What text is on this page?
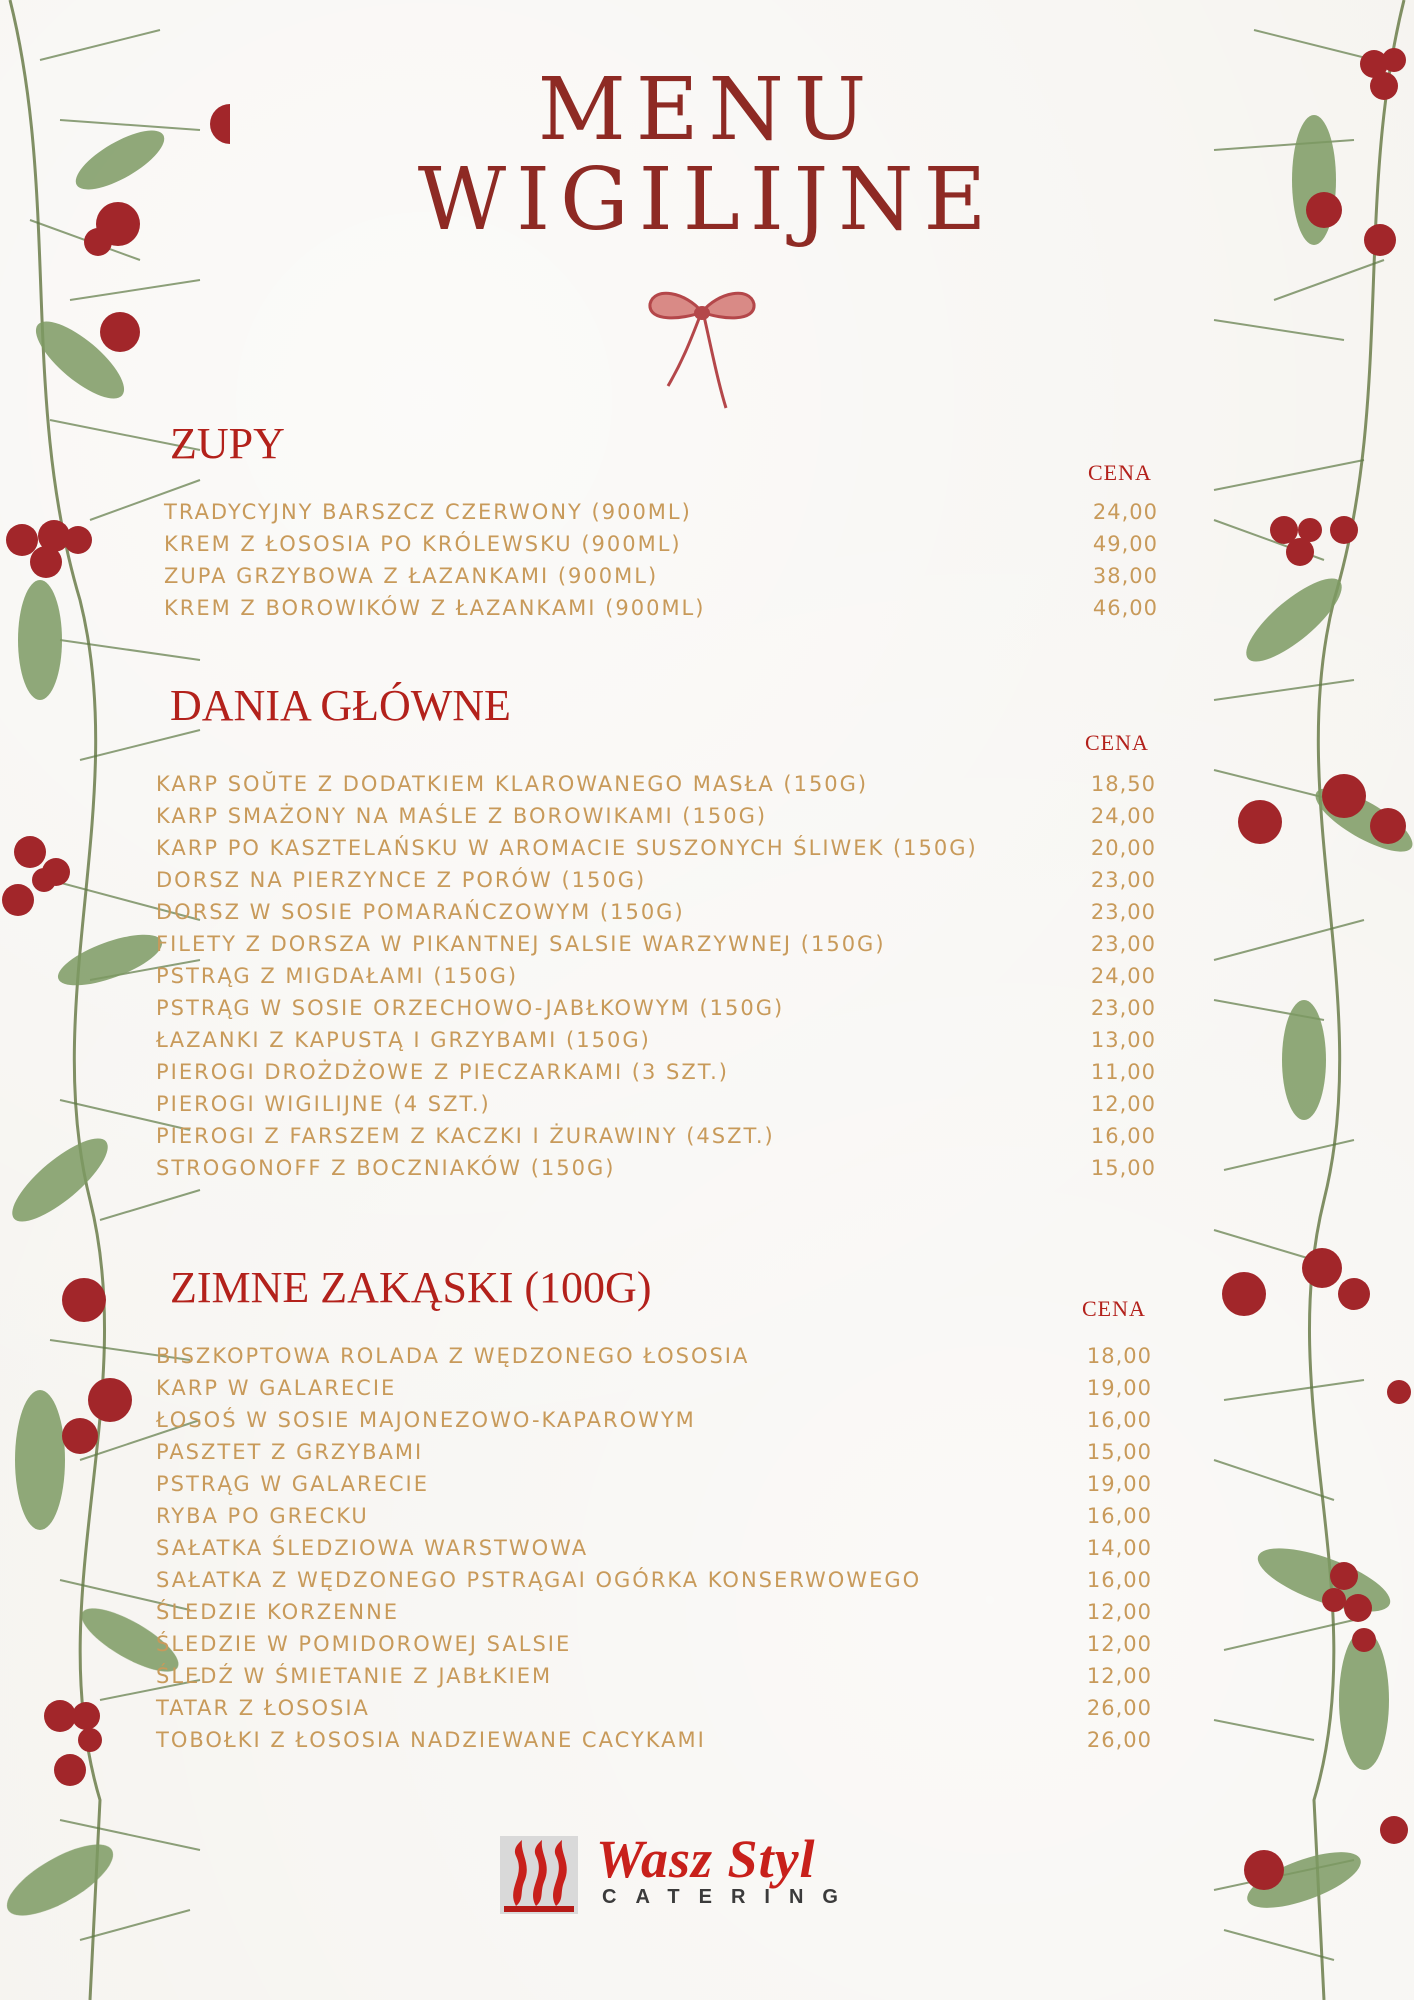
MENU
WIGILIJNE
ZUPY
CENA
TRADYCYJNY BARSZCZ CZERWONY (900ML)	24,00
KREM Z ŁOSOSIA PO KRÓLEWSKU (900ML)	49,00
ZUPA GRZYBOWA Z ŁAZANKAMI (900ML)	38,00
KREM Z BOROWIKÓW Z ŁAZANKAMI (900ML)	46,00
DANIA GŁÓWNE
CENA
KARP SOŬTE Z DODATKIEM KLAROWANEGO MASŁA (150G)	18,50
KARP SMAŻONY NA MAŚLE Z BOROWIKAMI (150G)	24,00
KARP PO KASZTELAŃSKU W AROMACIE SUSZONYCH ŚLIWEK (150G)	20,00
DORSZ NA PIERZYNCE Z PORÓW (150G)	23,00
DORSZ W SOSIE POMARAŃCZOWYM (150G)	23,00
FILETY Z DORSZA W PIKANTNEJ SALSIE WARZYWNEJ (150G)	23,00
PSTRĄG Z MIGDAŁAMI (150G)	24,00
PSTRĄG W SOSIE ORZECHOWO-JABŁKOWYM (150G)	23,00
ŁAZANKI Z KAPUSTĄ I GRZYBAMI (150G)	13,00
PIEROGI DROŻDŻOWE Z PIECZARKAMI (3 SZT.)	11,00
PIEROGI WIGILIJNE (4 SZT.)	12,00
PIEROGI Z FARSZEM Z KACZKI I ŻURAWINY (4SZT.)	16,00
STROGONOFF Z BOCZNIAKÓW (150G)	15,00
ZIMNE ZAKĄSKI (100G)	CENA
BISZKOPTOWA ROLADA Z WĘDZONEGO ŁOSOSIA	18,00
KARP W GALARECIE	19,00
ŁOSOŚ W SOSIE MAJONEZOWO-KAPAROWYM	16,00
PASZTET Z GRZYBAMI	15,00
PSTRĄG W GALARECIE	19,00
RYBA PO GRECKU	16,00
SAŁATKA ŚLEDZIOWA WARSTWOWA	14,00
SAŁATKA Z WĘDZONEGO PSTRĄGAI OGÓRKA KONSERWOWEGO	16,00
ŚLEDZIE KORZENNE	12,00
ŚLEDZIE W POMIDOROWEJ SALSIE	12,00
ŚLEDŹ W ŚMIETANIE Z JABŁKIEM	12,00
TATAR Z ŁOSOSIA	26,00
TOBOŁKI Z ŁOSOSIA NADZIEWANE CACYKAMI	26,00
Wasz Styl
CATERING
